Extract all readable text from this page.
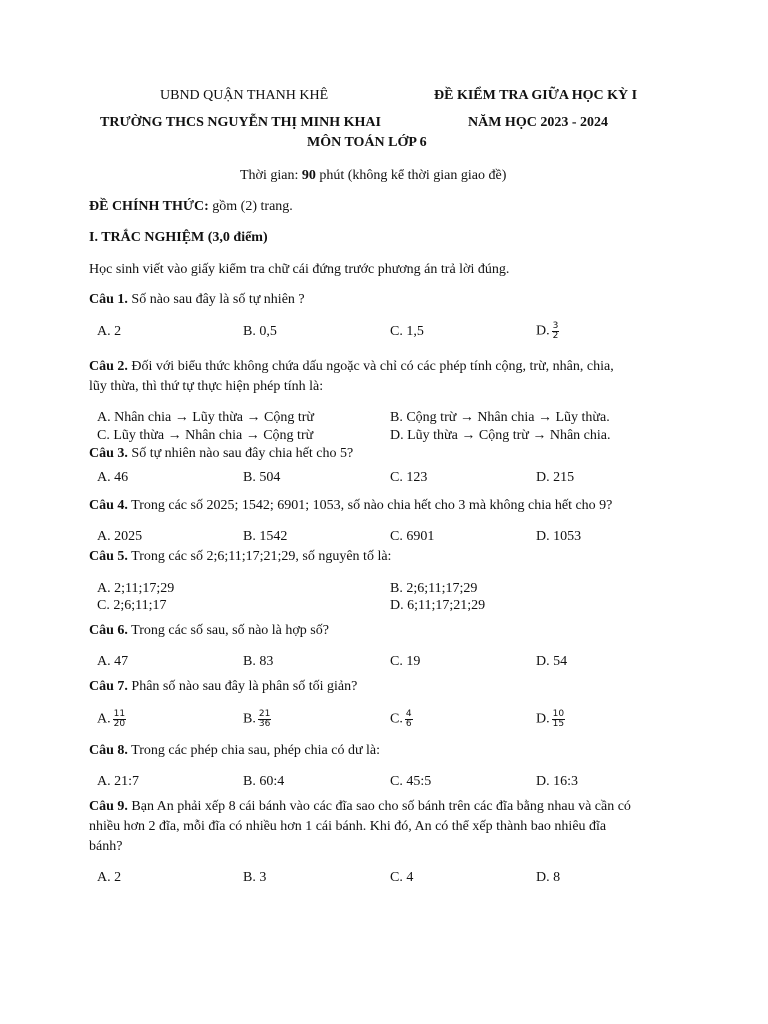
UBND QUẬN THANH KHÊ	ĐỀ KIỂM TRA GIỮA HỌC KỲ I
TRƯỜNG THCS NGUYỄN THỊ MINH KHAI	NĂM HỌC 2023 - 2024
MÔN TOÁN LỚP 6
Thời gian: 90 phút (không kể thời gian giao đề)
ĐỀ CHÍNH THỨC: gồm (2) trang.
I. TRẮC NGHIỆM (3,0 điểm)
Học sinh viết vào giấy kiểm tra chữ cái đứng trước phương án trả lời đúng.
Câu 1. Số nào sau đây là số tự nhiên ?
A. 2	B. 0,5	C. 1,5	D. $\frac{3}{2}$
Câu 2. Đối với biểu thức không chứa dấu ngoặc và chỉ có các phép tính cộng, trừ, nhân, chia,
lũy thừa, thì thứ tự thực hiện phép tính là:
A. Nhân chia → Lũy thừa → Cộng trừ	B. Cộng trừ → Nhân chia → Lũy thừa.
C. Lũy thừa → Nhân chia → Cộng trừ	D. Lũy thừa → Cộng trừ → Nhân chia.
Câu 3. Số tự nhiên nào sau đây chia hết cho 5?
A. 46	B. 504	C. 123	D. 215
Câu 4. Trong các số 2025; 1542; 6901; 1053, số nào chia hết cho 3 mà không chia hết cho 9?
A. 2025	B. 1542	C. 6901	D. 1053
Câu 5. Trong các số 2;6;11;17;21;29, số nguyên tố là:
A. 2;11;17;29	B. 2;6;11;17;29
C. 2;6;11;17	D. 6;11;17;21;29
Câu 6. Trong các số sau, số nào là hợp số?
A. 47	B. 83	C. 19	D. 54
Câu 7. Phân số nào sau đây là phân số tối giản?
A. $\frac{11}{20}$	B. $\frac{21}{36}$	C. $\frac{4}{6}$	D. $\frac{10}{15}$
Câu 8. Trong các phép chia sau, phép chia có dư là:
A. 21:7	B. 60:4	C. 45:5	D. 16:3
Câu 9. Bạn An phải xếp 8 cái bánh vào các đĩa sao cho số bánh trên các đĩa bằng nhau và cần có
nhiều hơn 2 đĩa, mỗi đĩa có nhiều hơn 1 cái bánh. Khi đó, An có thể xếp thành bao nhiêu đĩa
bánh?
A. 2	B. 3	C. 4	D. 8
